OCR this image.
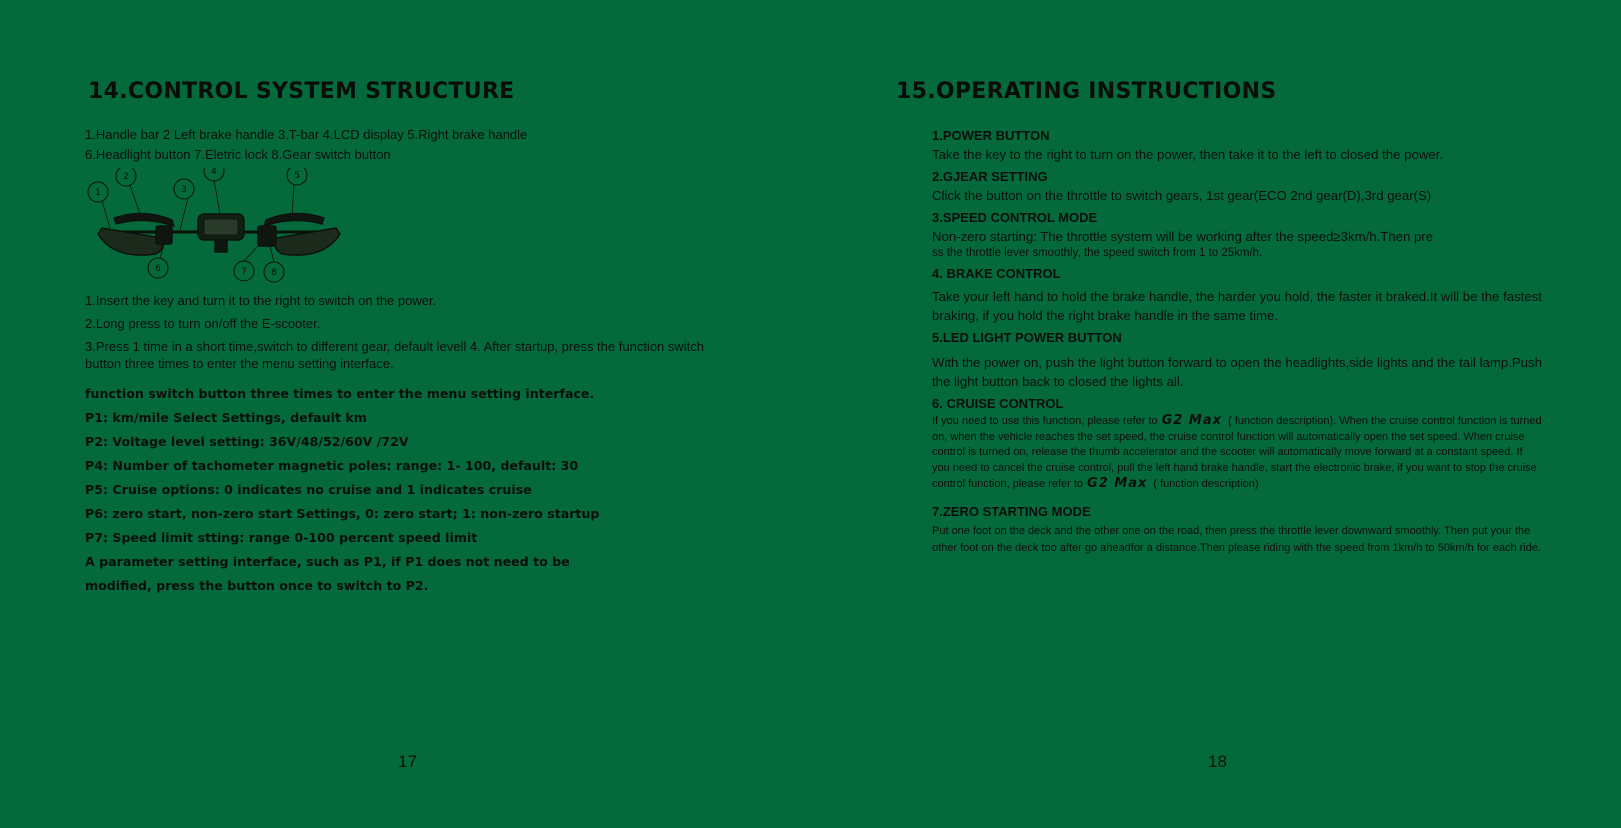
14.CONTROL SYSTEM STRUCTURE
1.Handle bar 2 Left brake handle 3.T-bar 4.LCD display 5.Right brake handle
6.Headlight button 7.Eletric lock 8.Gear switch button
1
2
3
4	5
6	7	8

1.Insert the key and turn it to the right to switch on the power.

2.Long press to turn on/off the E-scooter.

3.Press 1 time in a short time,switch to different gear, default levell 4. After startup, press the function switch button three times to enter the menu setting interface.

function switch button three times to enter the menu setting interface.
P1: km/mile Select Settings, default km
P2: Voltage level setting: 36V/48/52/60V /72V
P4: Number of tachometer magnetic poles: range: 1- 100, default: 30
P5: Cruise options: 0 indicates no cruise and 1 indicates cruise
P6: zero start, non-zero start Settings, 0: zero start; 1: non-zero startup
P7: Speed limit stting: range 0-100 percent speed limit
A parameter setting interface, such as P1, if P1 does not need to be
modified, press the button once to switch to P2.
17
15.OPERATING INSTRUCTIONS

1.POWER BUTTON

Take the key to the right to turn on the power, then take it to the left to closed the power.

2.GJEAR SETTING

Click the button on the throttle to switch gears, 1st gear(ECO 2nd gear(D),3rd gear(S)

3.SPEED CONTROL MODE

Non-zero starting: The throttle system will be working after the speed≥3km/h.Then pre

ss the throttle lever smoothly, the speed switch from 1 to 25km/h.

4. BRAKE CONTROL

Take your left hand to hold the brake handle, the harder you hold, the faster it braked.It will be the fastest braking, if you hold the right brake handle in the same time.

5.LED LIGHT POWER BUTTON

With the power on, push the light button forward to open the headlights,side lights and the tail lamp.Push the light button back to closed the lights all.

6. CRUISE CONTROL

If you need to use this function, please refer to G2 Max ( function description). When the cruise control function is turned on, when the vehicle reaches the set speed, the cruise control function will automatically open the set speed. When cruise control is turned on, release the thumb accelerator and the scooter will automatically move forward at a constant speed. If you need to cancel the cruise control, pull the left hand brake handle, start the electronic brake, if you want to stop the cruise control function, please refer to G2 Max ( function description)

7.ZERO STARTING MODE

Put one foot on the deck and the other one on the road, then press the throttle lever downward smoothly. Then put your the other foot on the deck too after go aheadfor a distance.Then please riding with the speed from 1km/h to 50km/h for each ride.

18
